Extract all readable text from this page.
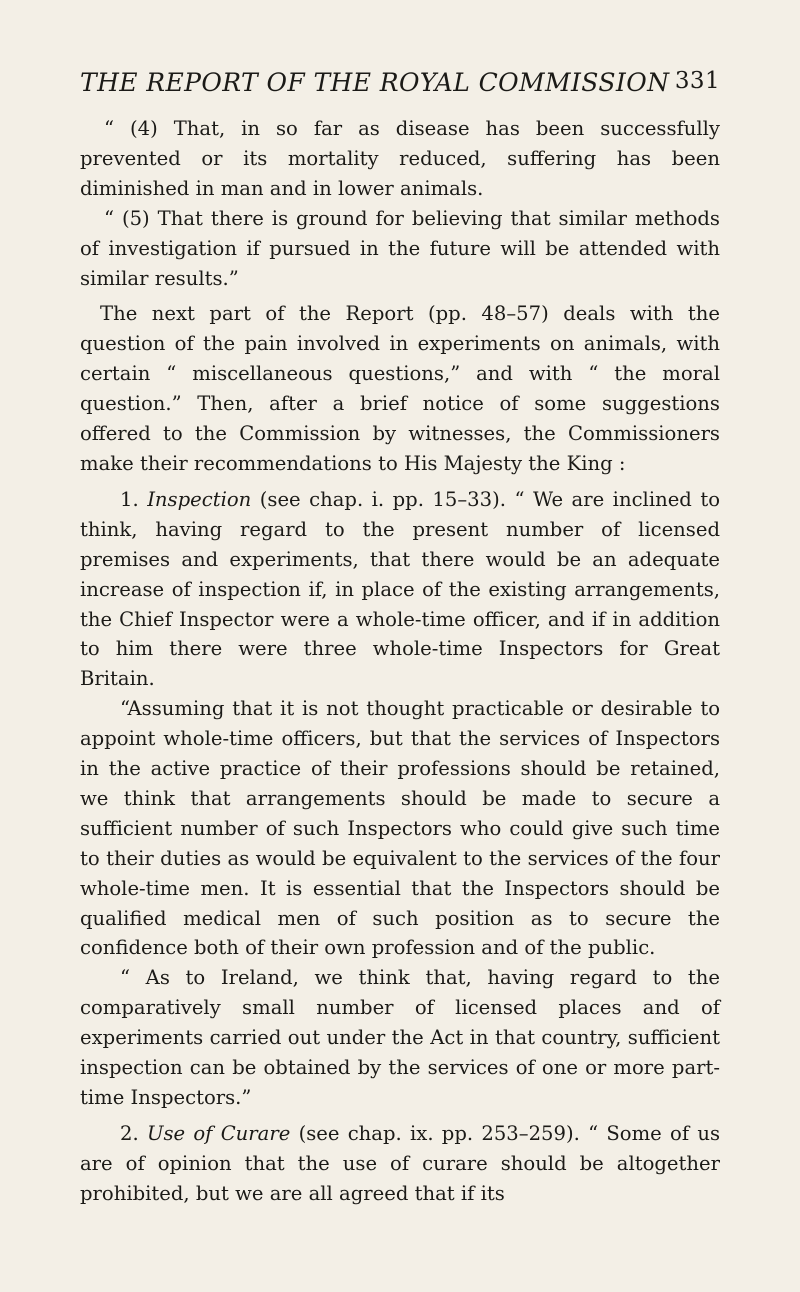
THE REPORT OF THE ROYAL COMMISSION 331

“ (4) That, in so far as disease has been successfully prevented or its mortality reduced, suffering has been diminished in man and in lower animals.

“ (5) That there is ground for believing that similar methods of investigation if pursued in the future will be attended with similar results.”

The next part of the Report (pp. 48–57) deals with the question of the pain involved in experiments on animals, with certain “ miscellaneous questions,” and with “ the moral question.” Then, after a brief notice of some suggestions offered to the Commission by witnesses, the Commissioners make their recommendations to His Majesty the King :

1. Inspection (see chap. i. pp. 15–33). “ We are inclined to think, having regard to the present number of licensed premises and experiments, that there would be an adequate increase of inspection if, in place of the existing arrangements, the Chief Inspector were a whole-time officer, and if in addition to him there were three whole-time Inspectors for Great Britain.

“Assuming that it is not thought practicable or desirable to appoint whole-time officers, but that the services of Inspectors in the active practice of their professions should be retained, we think that arrangements should be made to secure a sufficient number of such Inspectors who could give such time to their duties as would be equivalent to the services of the four whole-time men. It is essential that the Inspectors should be qualified medical men of such position as to secure the confidence both of their own profession and of the public.

“ As to Ireland, we think that, having regard to the comparatively small number of licensed places and of experiments carried out under the Act in that country, sufficient inspection can be obtained by the services of one or more part-time Inspectors.”

2. Use of Curare (see chap. ix. pp. 253–259). “ Some of us are of opinion that the use of curare should be altogether prohibited, but we are all agreed that if its
